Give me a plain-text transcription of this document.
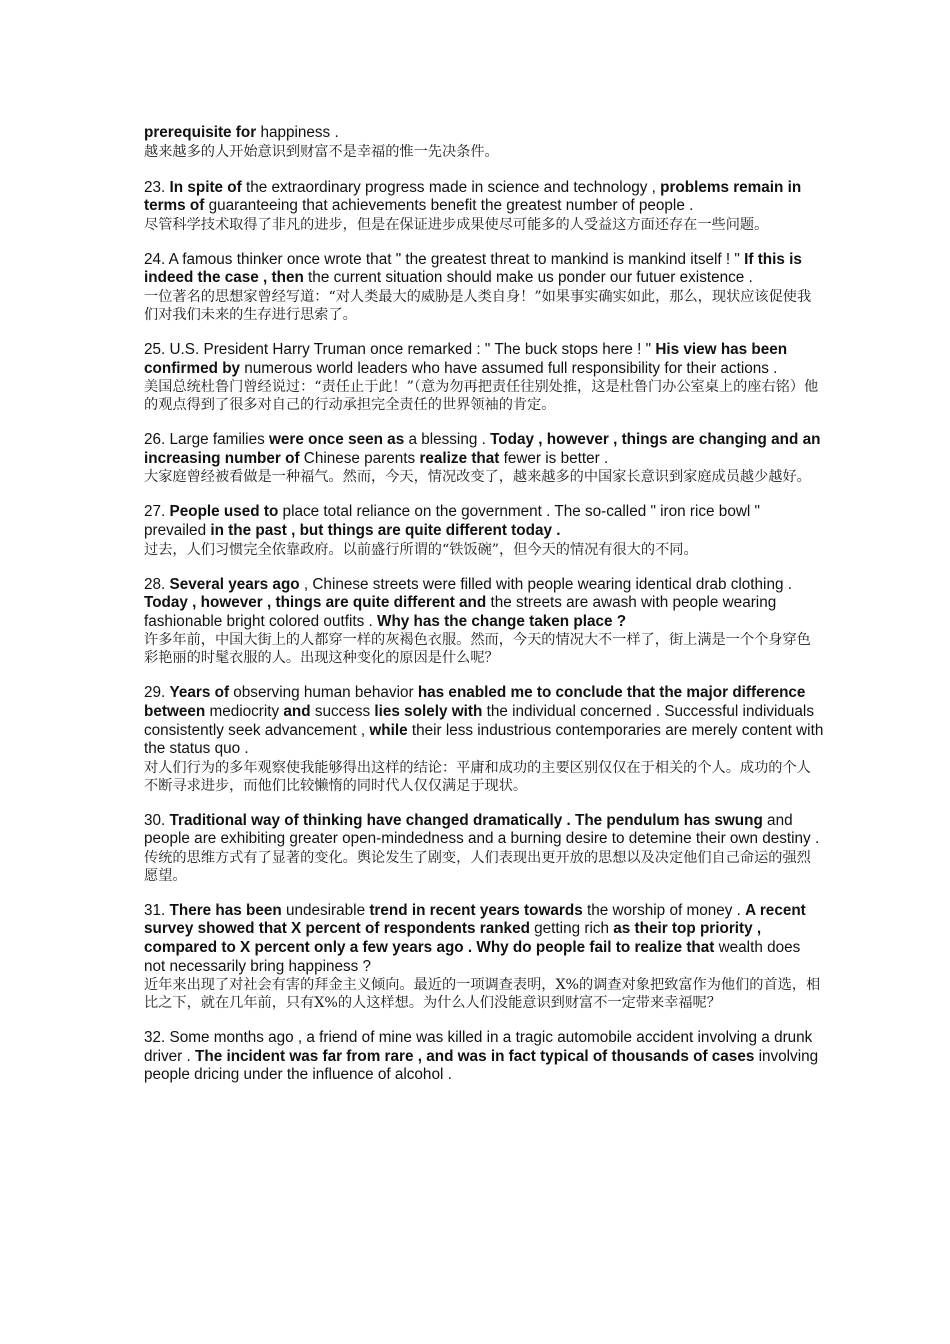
prerequisite for happiness .
越来越多的人开始意识到财富不是幸福的惟一先决条件。
23. In spite of the extraordinary progress made in science and technology , problems remain in terms of guaranteeing that achievements benefit the greatest number of people .
尽管科学技术取得了非凡的进步，但是在保证进步成果使尽可能多的人受益这方面还存在一些问题。
24. A famous thinker once wrote that " the greatest threat to mankind is mankind itself ! " If this is indeed the case , then the current situation should make us ponder our futuer existence .
一位著名的思想家曾经写道：“对人类最大的威胁是人类自身！”如果事实确实如此，那么，现状应该促使我们对我们未来的生存进行思索了。
25. U.S. President Harry Truman once remarked : " The buck stops here ! " His view has been confirmed by numerous world leaders who have assumed full responsibility for their actions .
美国总统杜鲁门曾经说过：“责任止于此！”（意为勿再把责任往别处推，这是杜鲁门办公室桌上的座右铭）他的观点得到了很多对自己的行动承担完全责任的世界领袖的肯定。
26. Large families were once seen as a blessing . Today , however , things are changing and an increasing number of Chinese parents realize that fewer is better .
大家庭曾经被看做是一种福气。然而，今天，情况改变了，越来越多的中国家长意识到家庭成员越少越好。
27. People used to place total reliance on the government . The so-called " iron rice bowl " prevailed in the past , but things are quite different today .
过去，人们习惯完全依靠政府。以前盛行所谓的“铁饭碗”，但今天的情况有很大的不同。
28. Several years ago , Chinese streets were filled with people wearing identical drab clothing . Today , however , things are quite different and the streets are awash with people wearing fashionable bright colored outfits . Why has the change taken place ?
许多年前，中国大街上的人都穿一样的灰褐色衣服。然而，今天的情况大不一样了，街上满是一个个身穿色彩艳丽的时髦衣服的人。出现这种变化的原因是什么呢？
29. Years of observing human behavior has enabled me to conclude that the major difference between mediocrity and success lies solely with the individual concerned . Successful individuals consistently seek advancement , while their less industrious contemporaries are merely content with the status quo .
对人们行为的多年观察使我能够得出这样的结论：平庸和成功的主要区别仅仅在于相关的个人。成功的个人不断寻求进步，而他们比较懒惰的同时代人仅仅满足于现状。
30. Traditional way of thinking have changed dramatically . The pendulum has swung and people are exhibiting greater open-mindedness and a burning desire to detemine their own destiny .
传统的思维方式有了显著的变化。舆论发生了剧变，人们表现出更开放的思想以及决定他们自己命运的强烈愿望。
31. There has been undesirable trend in recent years towards the worship of money . A recent survey showed that X percent of respondents ranked getting rich as their top priority , compared to X percent only a few years ago . Why do people fail to realize that wealth does not necessarily bring happiness ?
近年来出现了对社会有害的拜金主义倾向。最近的一项调查表明，X%的调查对象把致富作为他们的首选，相比之下，就在几年前，只有X%的人这样想。为什么人们没能意识到财富不一定带来幸福呢？
32. Some months ago , a friend of mine was killed in a tragic automobile accident involving a drunk driver . The incident was far from rare , and was in fact typical of thousands of cases involving people dricing under the influence of alcohol .
